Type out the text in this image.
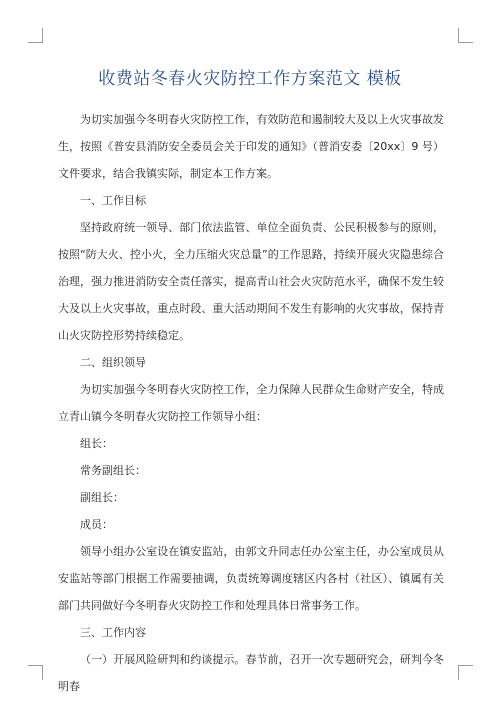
收费站冬春火灾防控工作方案范文 模板

为切实加强今冬明春火灾防控工作，有效防范和遏制较大及以上火灾事故发生，按照《普安县消防安全委员会关于印发的通知》（普消安委〔20xx〕9 号）文件要求，结合我镇实际，制定本工作方案。

一、工作目标

坚持政府统一领导、部门依法监管、单位全面负责、公民积极参与的原则，按照“防大火、控小火，全力压缩火灾总量”的工作思路，持续开展火灾隐患综合治理，强力推进消防安全责任落实，提高青山社会火灾防范水平，确保不发生较大及以上火灾事故，重点时段、重大活动期间不发生有影响的火灾事故，保持青山火灾防控形势持续稳定。

二、组织领导

为切实加强今冬明春火灾防控工作，全力保障人民群众生命财产安全，特成立青山镇今冬明春火灾防控工作领导小组：

组长：

常务副组长：

副组长：

成员：

领导小组办公室设在镇安监站，由郭文升同志任办公室主任，办公室成员从安监站等部门根据工作需要抽调，负责统筹调度辖区内各村（社区）、镇属有关部门共同做好今冬明春火灾防控工作和处理具体日常事务工作。

三、工作内容

（一）开展风险研判和约谈提示。春节前，召开一次专题研究会，研判今冬明春
